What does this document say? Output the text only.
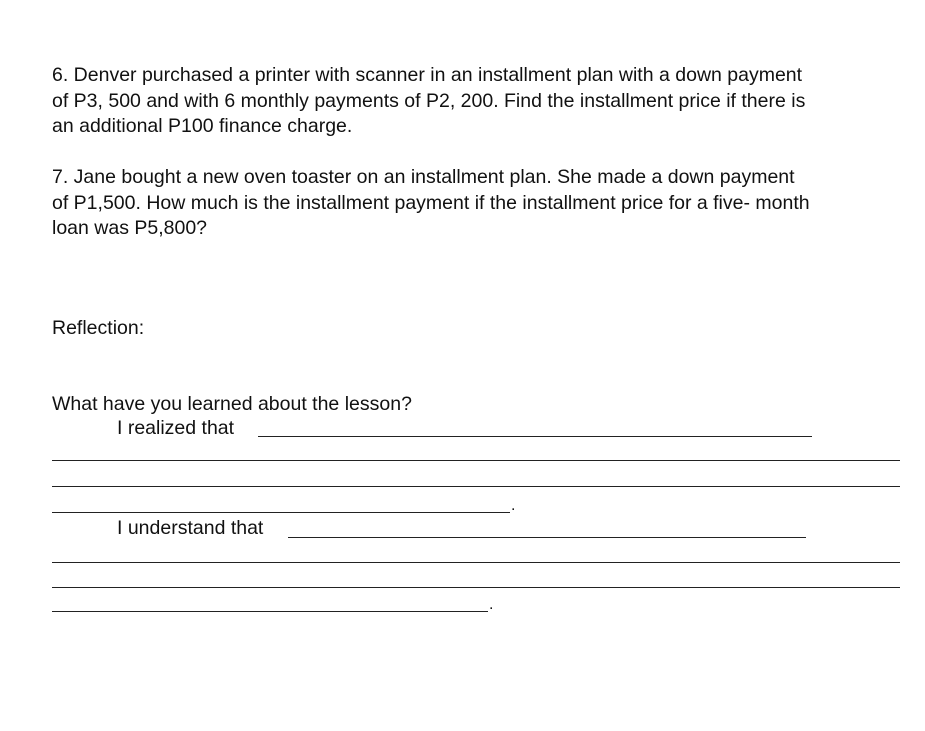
6. Denver purchased a printer with scanner in an installment plan with a down payment
of P3, 500 and with 6 monthly payments of P2, 200. Find the installment price if there is
an additional P100 finance charge.
7. Jane bought a new oven toaster on an installment plan. She made a down payment
of P1,500. How much is the installment payment if the installment price for a five- month
loan was P5,800?
Reflection:
What have you learned about the lesson?
I realized that
.
I understand that
.
